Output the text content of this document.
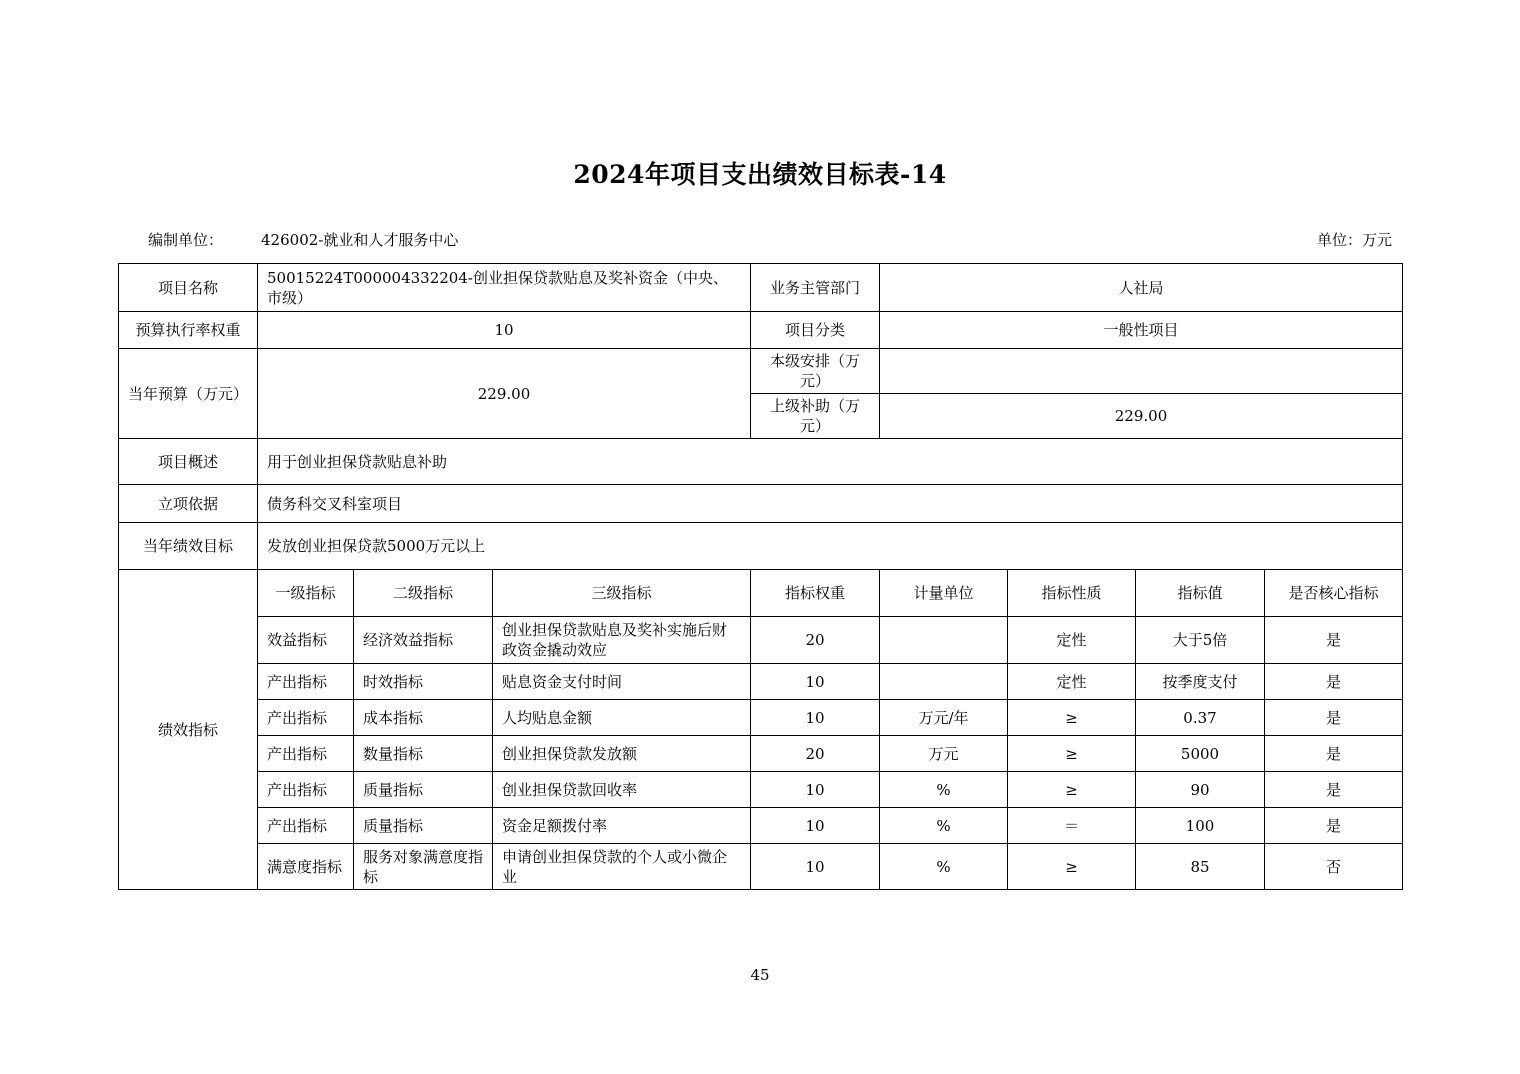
2024年项目支出绩效目标表-14
编制单位：	426002-就业和人才服务中心	单位：万元
项目名称	50015224T000004332204-创业担保贷款贴息及奖补资金（中央、市级）			业务主管部门	人社局			
预算执行率权重	10			项目分类	一般性项目			
当年预算（万元）	229.00			本级安排（万元）				
				上级补助（万元）	229.00			
项目概述	用于创业担保贷款贴息补助							
立项依据	债务科交叉科室项目							
当年绩效目标	发放创业担保贷款5000万元以上							
绩效指标	一级指标	二级指标	三级指标	指标权重	计量单位	指标性质	指标值	是否核心指标
	效益指标	经济效益指标	创业担保贷款贴息及奖补实施后财政资金撬动效应	20		定性	大于5倍	是
	产出指标	时效指标	贴息资金支付时间	10		定性	按季度支付	是
	产出指标	成本指标	人均贴息金额	10	万元/年	≥	0.37	是
	产出指标	数量指标	创业担保贷款发放额	20	万元	≥	5000	是
	产出指标	质量指标	创业担保贷款回收率	10	%	≥	90	是
	产出指标	质量指标	资金足额拨付率	10	%	＝	100	是
	满意度指标	服务对象满意度指标	申请创业担保贷款的个人或小微企业	10	%	≥	85	否
45
